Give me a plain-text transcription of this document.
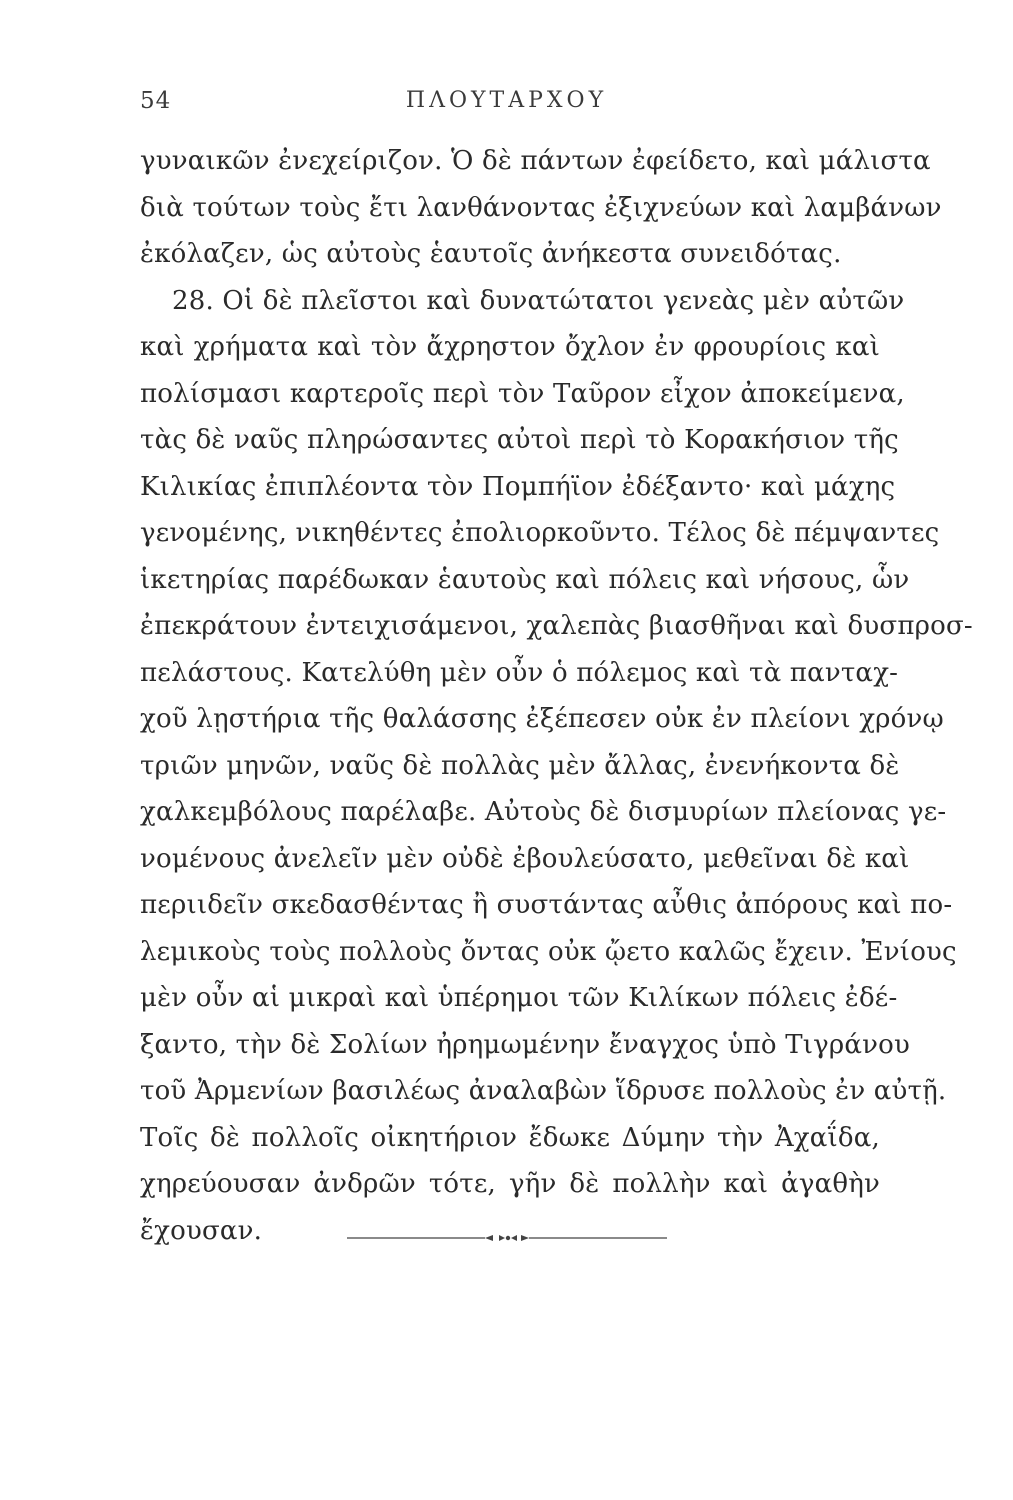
54	ΠΛΟΥΤΑΡΧΟΥ
γυναικῶν ἐνεχείριζον. Ὁ δὲ πάντων ἐφείδετο, καὶ μάλιστα
διὰ τούτων τοὺς ἔτι λανθάνοντας ἐξιχνεύων καὶ λαμβάνων
ἐκόλαζεν, ὡς αὐτοὺς ἑαυτοῖς ἀνήκεστα συνειδότας.
28. Οἱ δὲ πλεῖστοι καὶ δυνατώτατοι γενεὰς μὲν αὐτῶν
καὶ χρήματα καὶ τὸν ἄχρηστον ὄχλον ἐν φρουρίοις καὶ
πολίσμασι καρτεροῖς περὶ τὸν Ταῦρον εἶχον ἀποκείμενα,
τὰς δὲ ναῦς πληρώσαντες αὐτοὶ περὶ τὸ Κορακήσιον τῆς
Κιλικίας ἐπιπλέοντα τὸν Πομπήϊον ἐδέξαντο· καὶ μάχης
γενομένης, νικηθέντες ἐπολιορκοῦντο. Τέλος δὲ πέμψαντες
ἱκετηρίας παρέδωκαν ἑαυτοὺς καὶ πόλεις καὶ νήσους, ὧν
ἐπεκράτουν ἐντειχισάμενοι, χαλεπὰς βιασθῆναι καὶ δυσπροσ-
πελάστους. Κατελύθη μὲν οὖν ὁ πόλεμος καὶ τὰ πανταχ-
χοῦ λῃστήρια τῆς θαλάσσης ἐξέπεσεν οὐκ ἐν πλείονι χρόνῳ
τριῶν μηνῶν, ναῦς δὲ πολλὰς μὲν ἄλλας, ἐνενήκοντα δὲ
χαλκεμβόλους παρέλαβε. Αὐτοὺς δὲ δισμυρίων πλείονας γε-
νομένους ἀνελεῖν μὲν οὐδὲ ἐβουλεύσατο, μεθεῖναι δὲ καὶ
περιιδεῖν σκεδασθέντας ἢ συστάντας αὖθις ἀπόρους καὶ πο-
λεμικοὺς τοὺς πολλοὺς ὄντας οὐκ ᾤετο καλῶς ἔχειν. Ἐνίους
μὲν οὖν αἱ μικραὶ καὶ ὑπέρημοι τῶν Κιλίκων πόλεις ἐδέ-
ξαντο, τὴν δὲ Σολίων ἠρημωμένην ἔναγχος ὑπὸ Τιγράνου
τοῦ Ἀρμενίων βασιλέως ἀναλαβὼν ἵδρυσε πολλοὺς ἐν αὐτῇ.
Τοῖς δὲ πολλοῖς οἰκητήριον ἔδωκε Δύμην τὴν Ἀχαΐδα,
χηρεύουσαν ἀνδρῶν τότε, γῆν δὲ πολλὴν καὶ ἀγαθὴν
ἔχουσαν.
